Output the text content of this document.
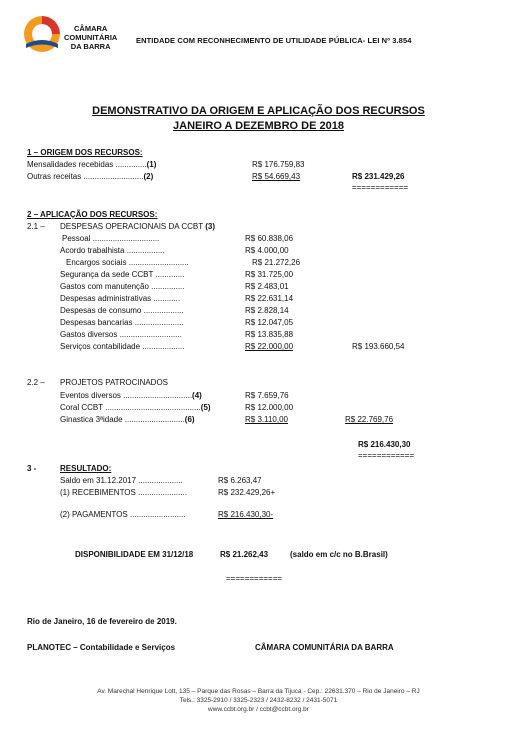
CÂMARA
COMUNITÁRIA
DA BARRA
ENTIDADE COM RECONHECIMENTO DE UTILIDADE PÚBLICA- LEI Nº 3.854
DEMONSTRATIVO DA ORIGEM E APLICAÇÃO DOS RECURSOS
JANEIRO A DEZEMBRO DE 2018
1 – ORIGEM DOS RECURSOS:
Mensalidades recebidas ..............(1)	R$ 176.759,83
Outras receitas ...........................(2)	R$ 54.669,43	R$ 231.429,26
============
2 – APLICAÇÃO DOS RECURSOS:
2.1 – DESPESAS OPERACIONAIS DA CCBT (3)
Pessoal ..............................	R$ 60.838,06
Acordo trabalhista .................	R$ 4.000,00
Encargos sociais ...........................	R$ 21.272,26
Segurança da sede CCBT .............	R$ 31.725,00
Gastos com manutenção ...............	R$ 2.483,01
Despesas administrativas ............	R$ 22.631,14
Despesas de consumo ..................	R$ 2.828,14
Despesas bancarias ......................	R$ 12.047,05
Gastos diversos ............................	R$ 13.835,88
Serviços contabilidade ...................	R$ 22.000,00	R$ 193.660,54
2.2 – PROJETOS PATROCINADOS
Eventos diversos ...............................(4)	R$ 7.659,76
Coral CCBT ...........................................(5)	R$ 12.000,00
Ginastica 3ªidade ...........................(6)	R$ 3.110,00	R$ 22.769,76
R$ 216.430,30
============
3 -	RESULTADO:
Saldo em 31.12.2017 ....................	R$ 6.263,47
(1) RECEBIMENTOS ......................	R$ 232.429,26+
(2) PAGAMENTOS .........................	R$ 216.430,30-
DISPONIBILIDADE EM 31/12/18	R$ 21.262,43	(saldo em c/c no B.Brasil)
============
Rio de Janeiro, 16 de fevereiro de 2019.
PLANOTEC – Contabilidade e Serviços	CÂMARA COMUNITÁRIA DA BARRA
Av. Marechal Henrique Lott, 135 – Parque das Rosas – Barra da Tijuca - Cep.: 22631.370 – Rio de Janeiro – RJ
Tels.: 3325-2910 / 3325-2323 / 2432-8232 / 2431-5071
www.ccbt.org.br / ccbt@ccbt.org.br
